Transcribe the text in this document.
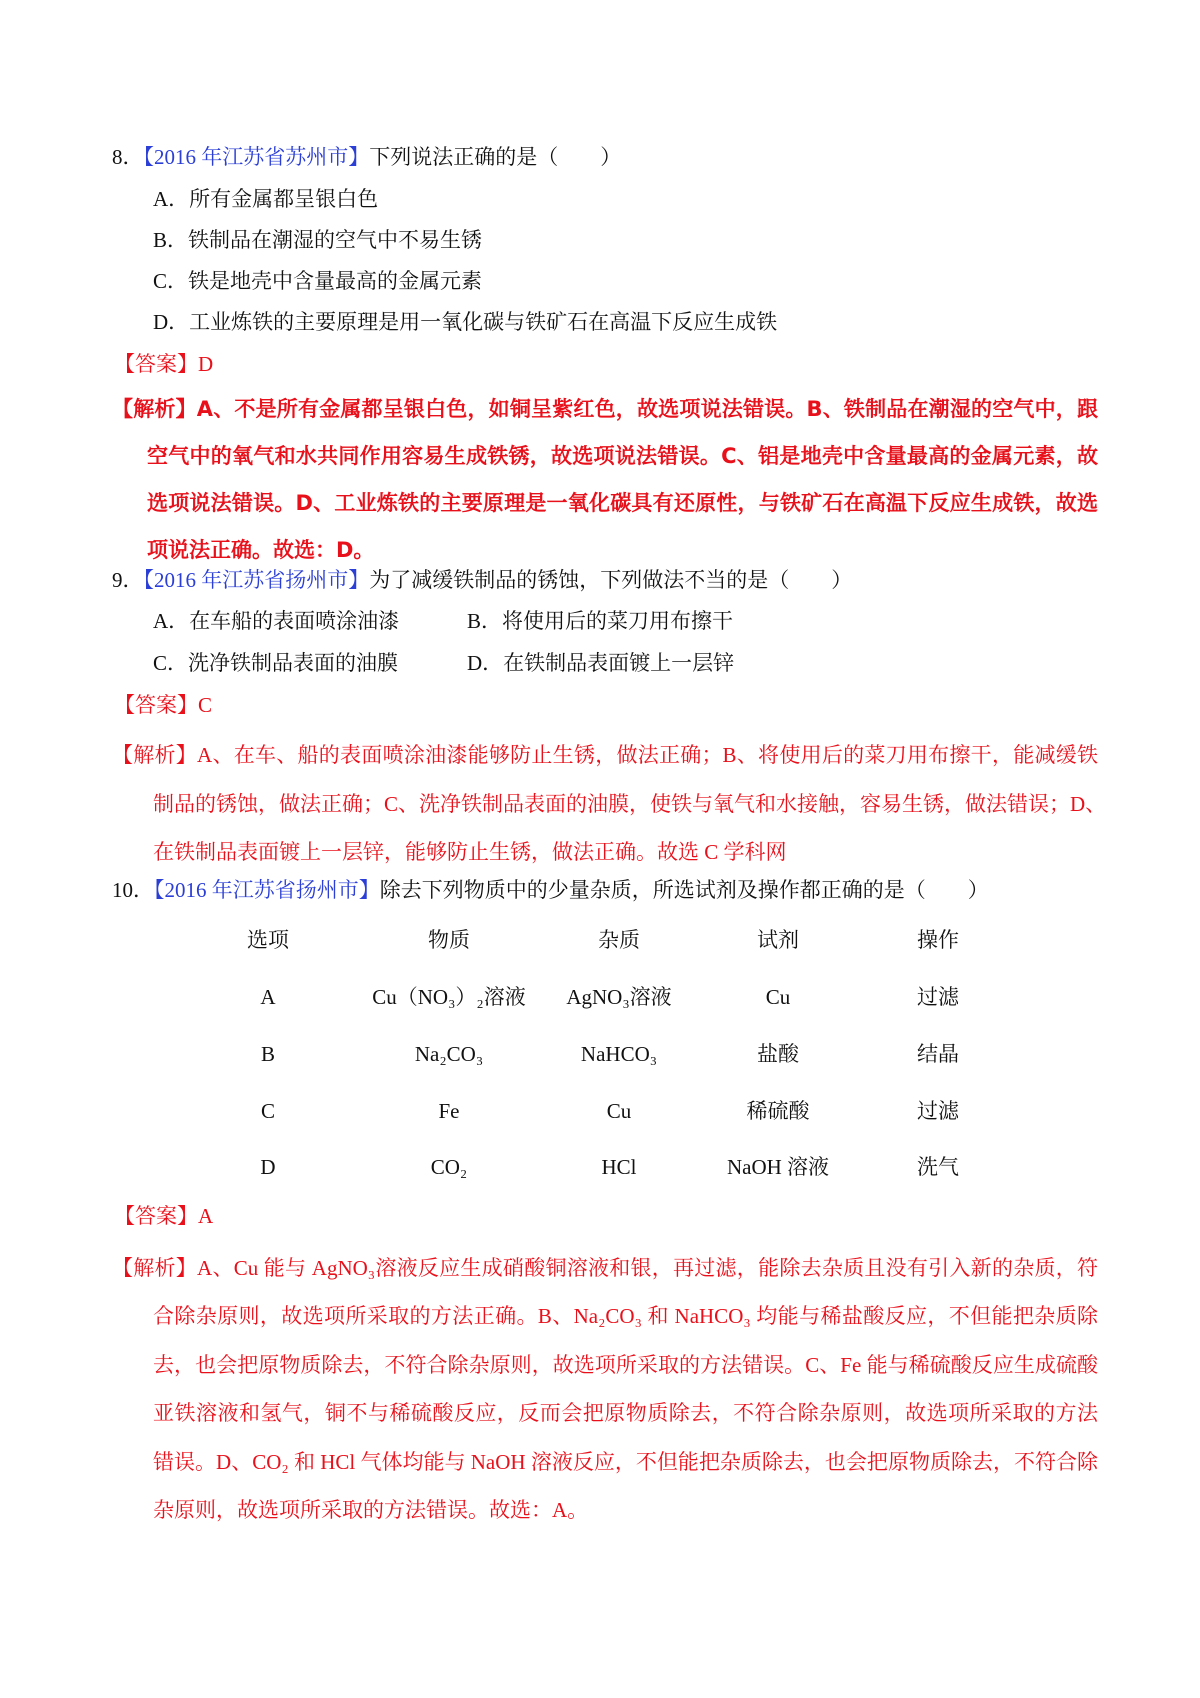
8．【2016 年江苏省苏州市】下列说法正确的是（　　）
A．所有金属都呈银白色
B．铁制品在潮湿的空气中不易生锈
C．铁是地壳中含量最高的金属元素
D．工业炼铁的主要原理是用一氧化碳与铁矿石在高温下反应生成铁
【答案】D
【解析】A、不是所有金属都呈银白色，如铜呈紫红色，故选项说法错误。B、铁制品在潮湿的空气中，跟
空气中的氧气和水共同作用容易生成铁锈，故选项说法错误。C、铝是地壳中含量最高的金属元素，故
选项说法错误。D、工业炼铁的主要原理是一氧化碳具有还原性，与铁矿石在高温下反应生成铁，故选
项说法正确。故选：D。
9．【2016 年江苏省扬州市】为了减缓铁制品的锈蚀，下列做法不当的是（　　）
A．在车船的表面喷涂油漆	B．将使用后的菜刀用布擦干
C．洗净铁制品表面的油膜	D．在铁制品表面镀上一层锌
【答案】C
【解析】A、在车、船的表面喷涂油漆能够防止生锈，做法正确；B、将使用后的菜刀用布擦干，能减缓铁
制品的锈蚀，做法正确；C、洗净铁制品表面的油膜，使铁与氧气和水接触，容易生锈，做法错误；D、
在铁制品表面镀上一层锌，能够防止生锈，做法正确。故选 C 学科网
10．【2016 年江苏省扬州市】除去下列物质中的少量杂质，所选试剂及操作都正确的是（　　）
选项	物质	杂质	试剂	操作
A	Cu（NO₃）₂溶液	AgNO₃溶液	Cu	过滤
B	Na₂CO₃	NaHCO₃	盐酸	结晶
C	Fe	Cu	稀硫酸	过滤
D	CO₂	HCl	NaOH 溶液	洗气
【答案】A
【解析】A、Cu 能与 AgNO₃溶液反应生成硝酸铜溶液和银，再过滤，能除去杂质且没有引入新的杂质，符
合除杂原则，故选项所采取的方法正确。B、Na₂CO₃ 和 NaHCO₃ 均能与稀盐酸反应，不但能把杂质除
去，也会把原物质除去，不符合除杂原则，故选项所采取的方法错误。C、Fe 能与稀硫酸反应生成硫酸
亚铁溶液和氢气，铜不与稀硫酸反应，反而会把原物质除去，不符合除杂原则，故选项所采取的方法
错误。D、CO₂ 和 HCl 气体均能与 NaOH 溶液反应，不但能把杂质除去，也会把原物质除去，不符合除
杂原则，故选项所采取的方法错误。故选：A。
